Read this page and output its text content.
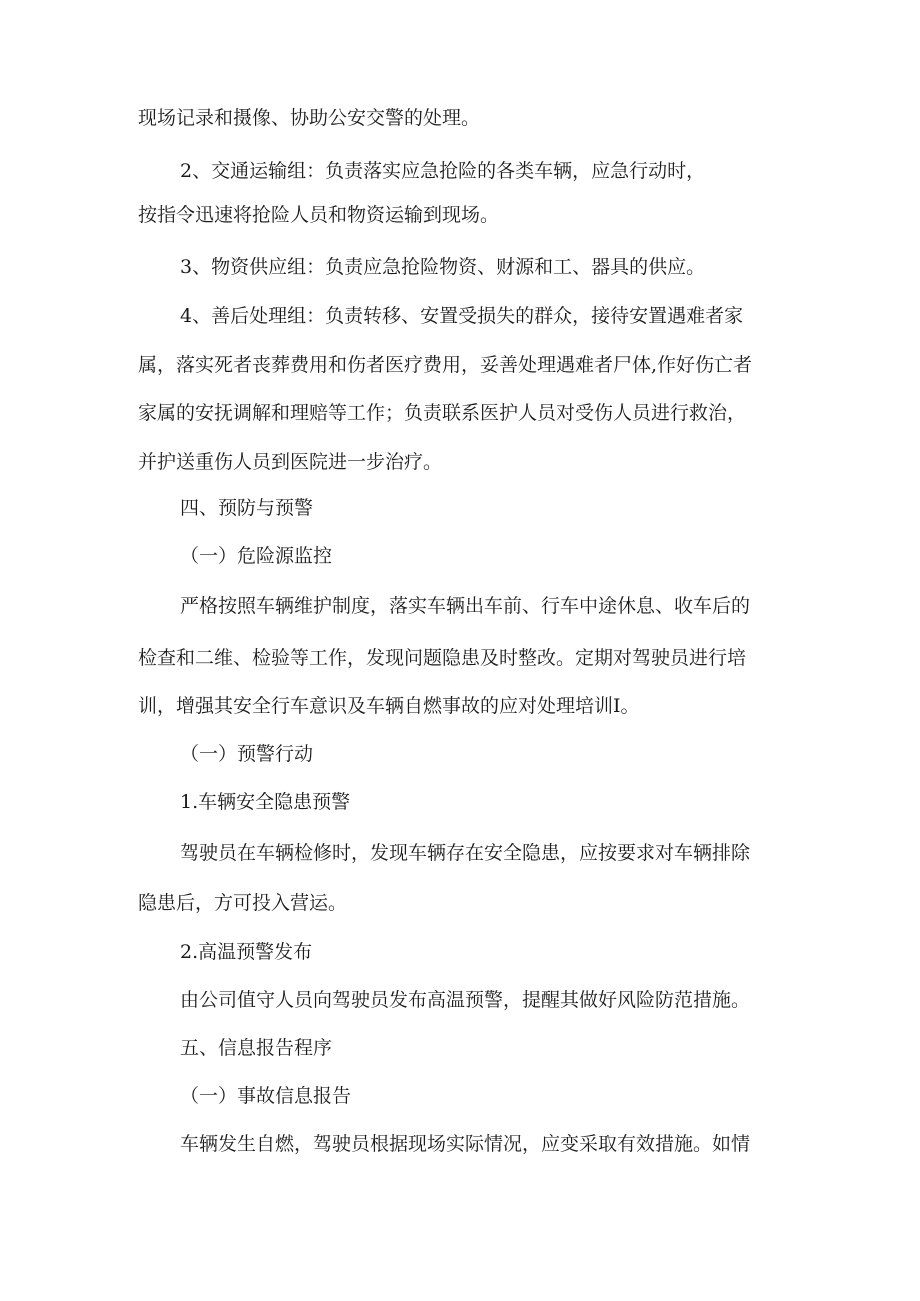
现场记录和摄像、协助公安交警的处理。
2、交通运输组：负责落实应急抢险的各类车辆，应急行动时，
按指令迅速将抢险人员和物资运输到现场。
3、物资供应组：负责应急抢险物资、财源和工、器具的供应。
4、善后处理组：负责转移、安置受损失的群众，接待安置遇难者家
属，落实死者丧葬费用和伤者医疗费用，妥善处理遇难者尸体,作好伤亡者
家属的安抚调解和理赔等工作；负责联系医护人员对受伤人员进行救治，
并护送重伤人员到医院进一步治疗。
四、预防与预警
（一）危险源监控
严格按照车辆维护制度，落实车辆出车前、行车中途休息、收车后的
检查和二维、检验等工作，发现问题隐患及时整改。定期对驾驶员进行培
训，增强其安全行车意识及车辆自燃事故的应对处理培训I。
（一）预警行动
1.车辆安全隐患预警
驾驶员在车辆检修时，发现车辆存在安全隐患，应按要求对车辆排除
隐患后，方可投入营运。
2.高温预警发布
由公司值守人员向驾驶员发布高温预警，提醒其做好风险防范措施。
五、信息报告程序
（一）事故信息报告
车辆发生自燃，驾驶员根据现场实际情况，应变采取有效措施。如情
